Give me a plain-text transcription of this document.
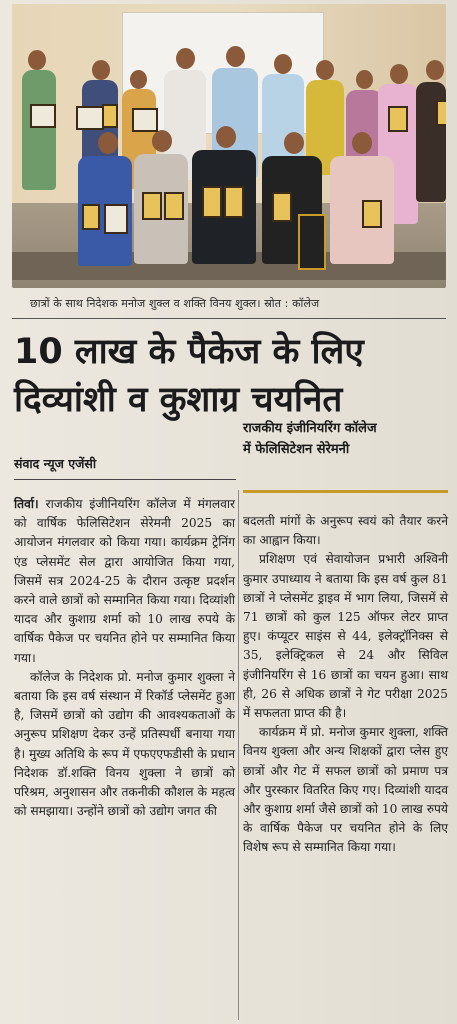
छात्रों के साथ निदेशक मनोज शुक्ल व शक्ति विनय शुक्ल। स्रोत : कॉलेज
10 लाख के पैकेज के लिए
दिव्यांशी व कुशाग्र चयनित
राजकीय इंजीनियरिंग कॉलेज
में फेलिसिटेशन सेरेमनी
संवाद न्यूज एजेंसी

तिर्वा। राजकीय इंजीनियरिंग कॉलेज में मंगलवार को वार्षिक फेलिसिटेशन सेरेमनी 2025 का आयोजन मंगलवार को किया गया। कार्यक्रम ट्रेनिंग एंड प्लेसमेंट सेल द्वारा आयोजित किया गया, जिसमें सत्र 2024-25 के दौरान उत्कृष्ट प्रदर्शन करने वाले छात्रों को सम्मानित किया गया। दिव्यांशी यादव और कुशाग्र शर्मा को 10 लाख रुपये के वार्षिक पैकेज पर चयनित होने पर सम्मानित किया गया।

कॉलेज के निदेशक प्रो. मनोज कुमार शुक्ला ने बताया कि इस वर्ष संस्थान में रिकॉर्ड प्लेसमेंट हुआ है, जिसमें छात्रों को उद्योग की आवश्यकताओं के अनुरूप प्रशिक्षण देकर उन्हें प्रतिस्पर्धी बनाया गया है। मुख्य अतिथि के रूप में एफएएफडीसी के प्रधान निदेशक डॉ.शक्ति विनय शुक्ला ने छात्रों को परिश्रम, अनुशासन और तकनीकी कौशल के महत्व को समझाया। उन्होंने छात्रों को उद्योग जगत की

बदलती मांगों के अनुरूप स्वयं को तैयार करने का आह्वान किया।

प्रशिक्षण एवं सेवायोजन प्रभारी अश्विनी कुमार उपाध्याय ने बताया कि इस वर्ष कुल 81 छात्रों ने प्लेसमेंट ड्राइव में भाग लिया, जिसमें से 71 छात्रों को कुल 125 ऑफर लेटर प्राप्त हुए। कंप्यूटर साइंस से 44, इलेक्ट्रॉनिक्स से 35, इलेक्ट्रिकल से 24 और सिविल इंजीनियरिंग से 16 छात्रों का चयन हुआ। साथ ही, 26 से अधिक छात्रों ने गेट परीक्षा 2025 में सफलता प्राप्त की है।

कार्यक्रम में प्रो. मनोज कुमार शुक्ला, शक्ति विनय शुक्ला और अन्य शिक्षकों द्वारा प्लेस हुए छात्रों और गेट में सफल छात्रों को प्रमाण पत्र और पुरस्कार वितरित किए गए। दिव्यांशी यादव और कुशाग्र शर्मा जैसे छात्रों को 10 लाख रुपये के वार्षिक पैकेज पर चयनित होने के लिए विशेष रूप से सम्मानित किया गया।
